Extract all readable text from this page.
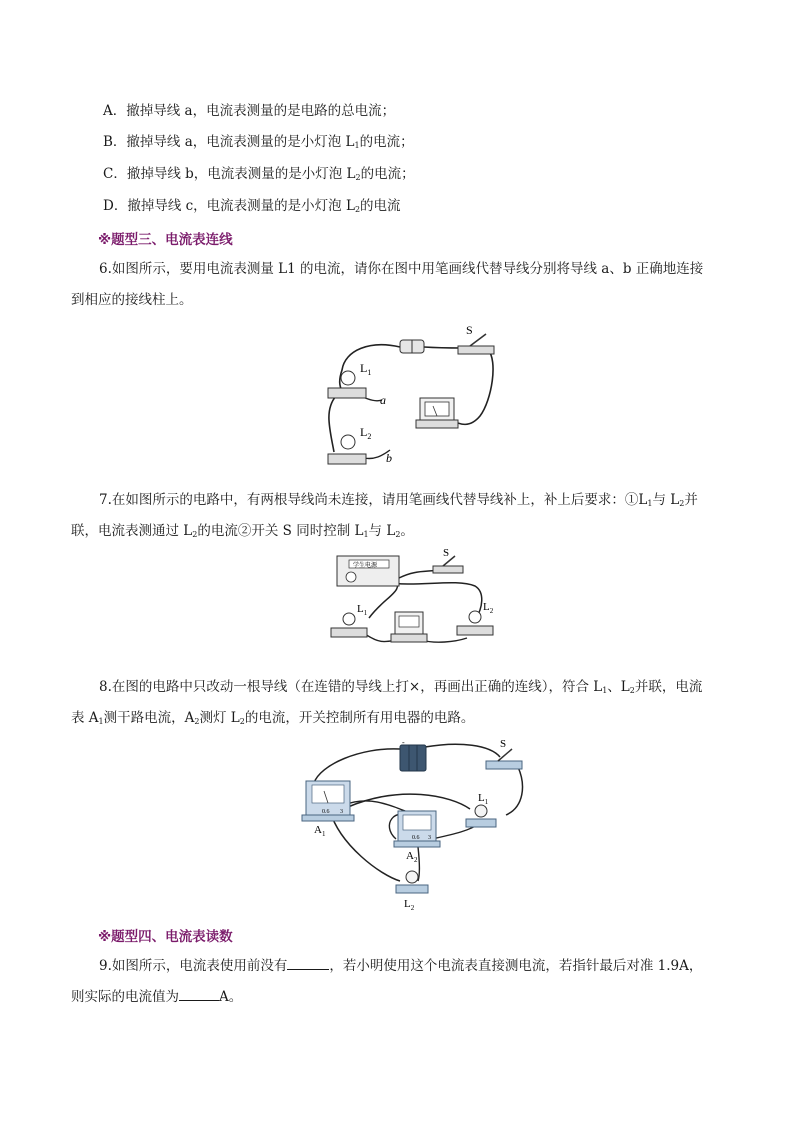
A．撤掉导线 a，电流表测量的是电路的总电流；
B．撤掉导线 a，电流表测量的是小灯泡 $L_1$的电流；
C．撤掉导线 b，电流表测量的是小灯泡 $L_2$的电流；
D．撤掉导线 c，电流表测量的是小灯泡 $L_2$的电流
※题型三、电流表连线
6.如图所示，要用电流表测量 L1 的电流，请你在图中用笔画线代替导线分别将导线 a、b 正确地连接
到相应的接线柱上。
S
$L_1$
a
$L_2$
b
7.在如图所示的电路中，有两根导线尚未连接，请用笔画线代替导线补上，补上后要求：$①L_1$与 $L_2$并
联，电流表测通过 $L_2$的电流②开关 S 同时控制 $L_1$与 $L_2$。
学生电源
S
$L_1$	$L_2$
8.在图的电路中只改动一根导线（在连错的导线上打×，再画出正确的连线），符合 $L_1$、$L_2$并联，电流
表 $A_1$测干路电流，$A_2$测灯 $L_2$的电流，开关控制所有用电器的电路。
-	S
0.6 3
$A_1$	0.6 3
$A_2$
$L_1$
$L_2$
※题型四、电流表读数
9.如图所示，电流表使用前没有	，若小明使用这个电流表直接测电流，若指针最后对准 1.9A，
则实际的电流值为	A。
